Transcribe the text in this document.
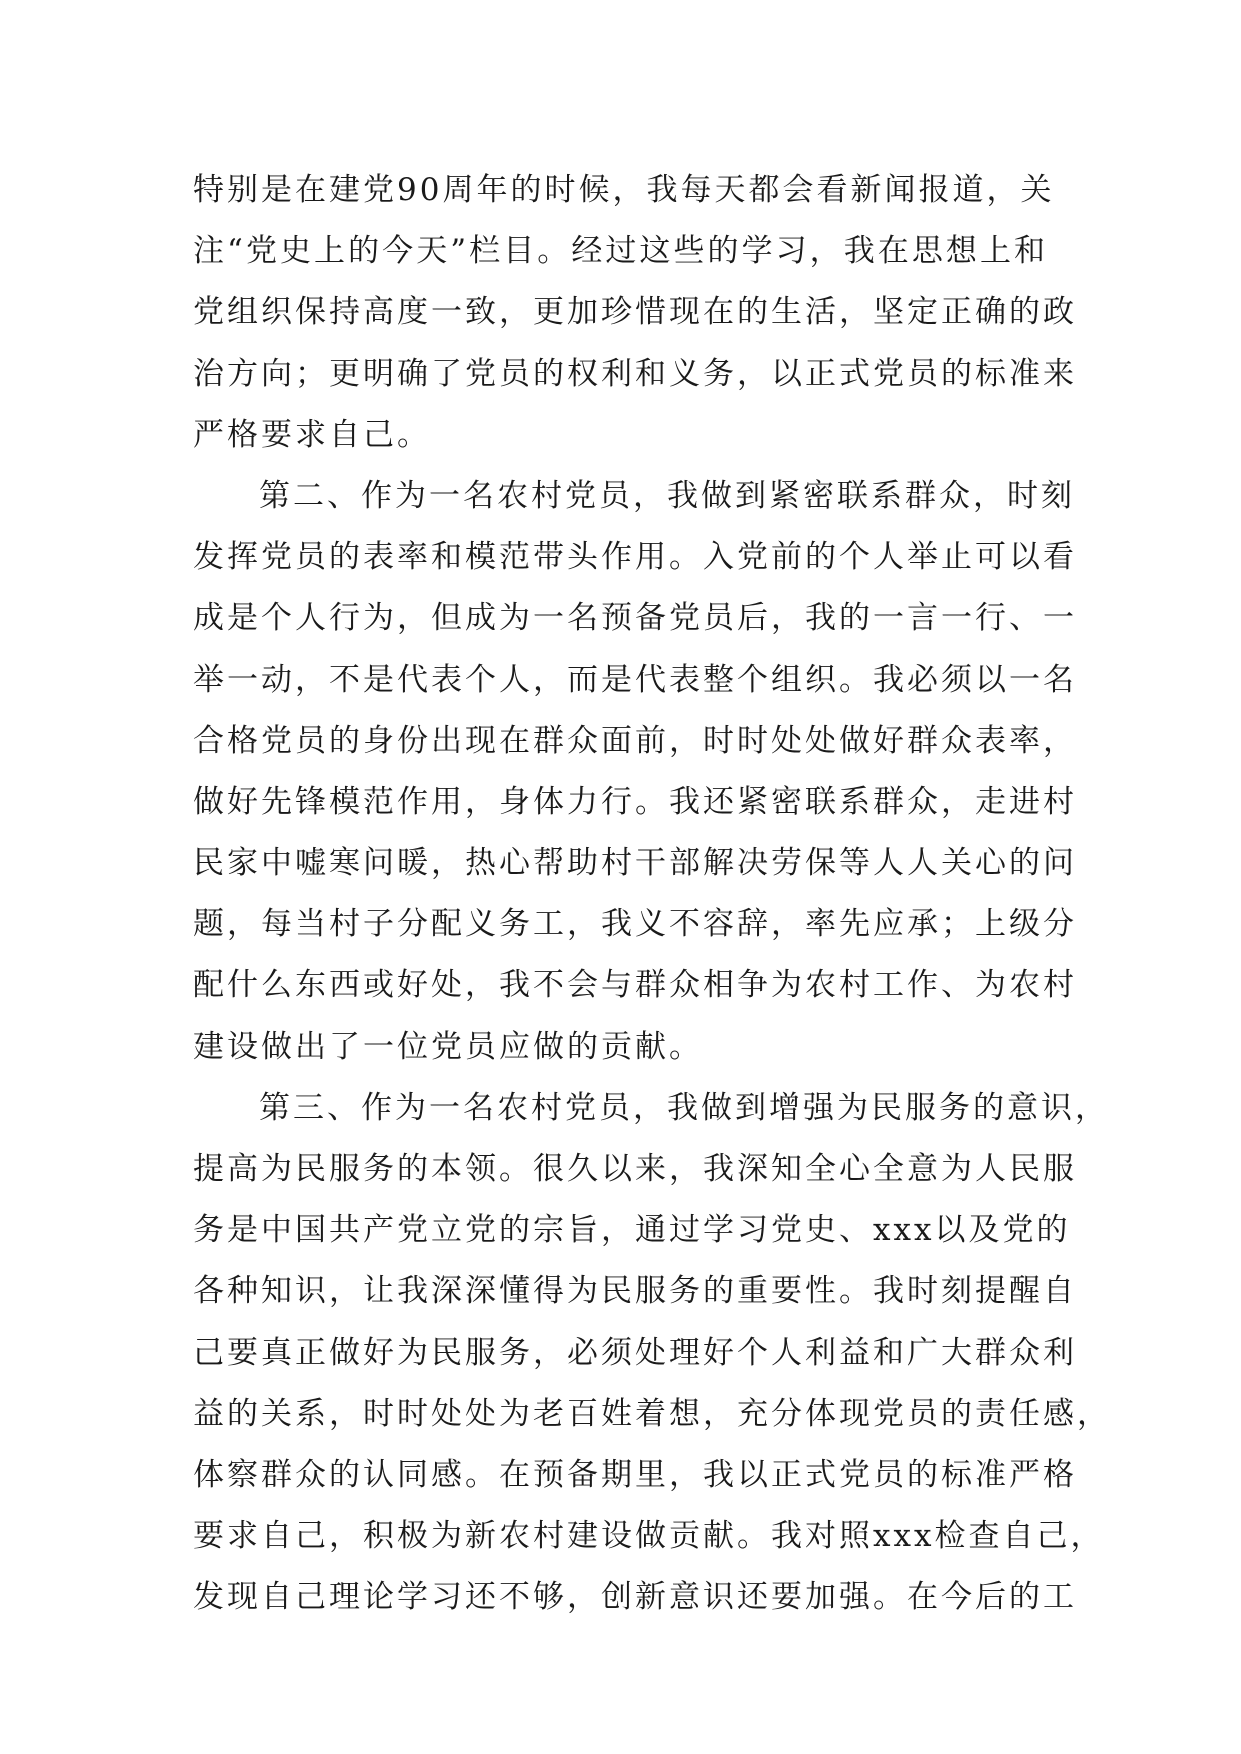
特别是在建党90周年的时候，我每天都会看新闻报道，关
注“党史上的今天”栏目。经过这些的学习，我在思想上和
党组织保持高度一致，更加珍惜现在的生活，坚定正确的政
治方向；更明确了党员的权利和义务，以正式党员的标准来
严格要求自己。
第二、作为一名农村党员，我做到紧密联系群众，时刻
发挥党员的表率和模范带头作用。入党前的个人举止可以看
成是个人行为，但成为一名预备党员后，我的一言一行、一
举一动，不是代表个人，而是代表整个组织。我必须以一名
合格党员的身份出现在群众面前，时时处处做好群众表率，
做好先锋模范作用，身体力行。我还紧密联系群众，走进村
民家中嘘寒问暖，热心帮助村干部解决劳保等人人关心的问
题，每当村子分配义务工，我义不容辞，率先应承；上级分
配什么东西或好处，我不会与群众相争为农村工作、为农村
建设做出了一位党员应做的贡献。
第三、作为一名农村党员，我做到增强为民服务的意识，
提高为民服务的本领。很久以来，我深知全心全意为人民服
务是中国共产党立党的宗旨，通过学习党史、xxx以及党的
各种知识，让我深深懂得为民服务的重要性。我时刻提醒自
己要真正做好为民服务，必须处理好个人利益和广大群众利
益的关系，时时处处为老百姓着想，充分体现党员的责任感，
体察群众的认同感。在预备期里，我以正式党员的标准严格
要求自己，积极为新农村建设做贡献。我对照xxx检查自己，
发现自己理论学习还不够，创新意识还要加强。在今后的工
